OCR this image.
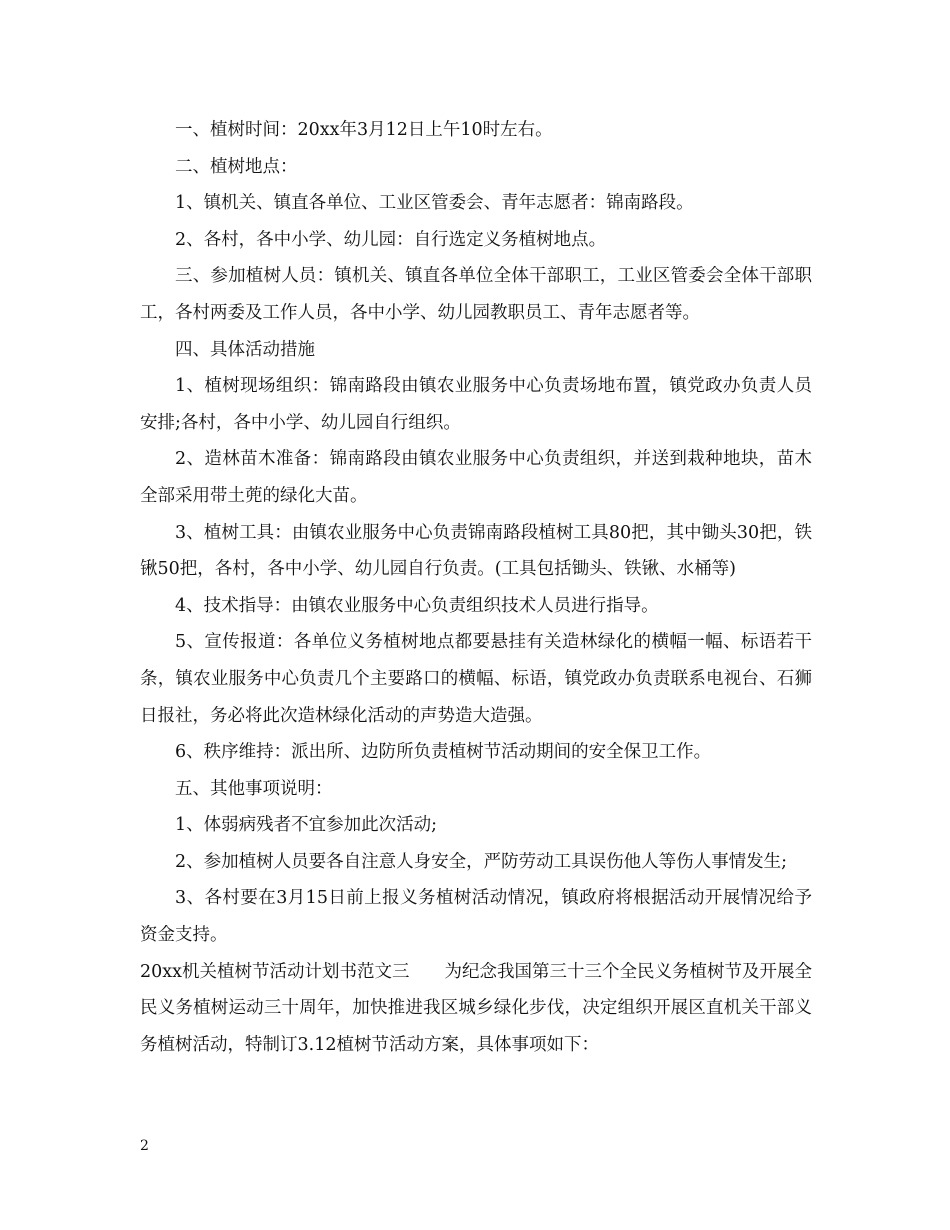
一、植树时间：20xx年3月12日上午10时左右。

二、植树地点：

1、镇机关、镇直各单位、工业区管委会、青年志愿者：锦南路段。

2、各村，各中小学、幼儿园：自行选定义务植树地点。

三、参加植树人员：镇机关、镇直各单位全体干部职工，工业区管委会全体干部职工，各村两委及工作人员，各中小学、幼儿园教职员工、青年志愿者等。

四、具体活动措施

1、植树现场组织：锦南路段由镇农业服务中心负责场地布置，镇党政办负责人员安排;各村，各中小学、幼儿园自行组织。

2、造林苗木准备：锦南路段由镇农业服务中心负责组织，并送到栽种地块，苗木全部采用带土蔸的绿化大苗。

3、植树工具：由镇农业服务中心负责锦南路段植树工具80把，其中锄头30把，铁锹50把，各村，各中小学、幼儿园自行负责。(工具包括锄头、铁锹、水桶等)

4、技术指导：由镇农业服务中心负责组织技术人员进行指导。

5、宣传报道：各单位义务植树地点都要悬挂有关造林绿化的横幅一幅、标语若干条，镇农业服务中心负责几个主要路口的横幅、标语，镇党政办负责联系电视台、石狮日报社，务必将此次造林绿化活动的声势造大造强。

6、秩序维持：派出所、边防所负责植树节活动期间的安全保卫工作。

五、其他事项说明：

1、体弱病残者不宜参加此次活动;

2、参加植树人员要各自注意人身安全，严防劳动工具误伤他人等伤人事情发生;

3、各村要在3月15日前上报义务植树活动情况，镇政府将根据活动开展情况给予资金支持。

20xx机关植树节活动计划书范文三　　为纪念我国第三十三个全民义务植树节及开展全民义务植树运动三十周年，加快推进我区城乡绿化步伐，决定组织开展区直机关干部义务植树活动，特制订3.12植树节活动方案，具体事项如下：

2
